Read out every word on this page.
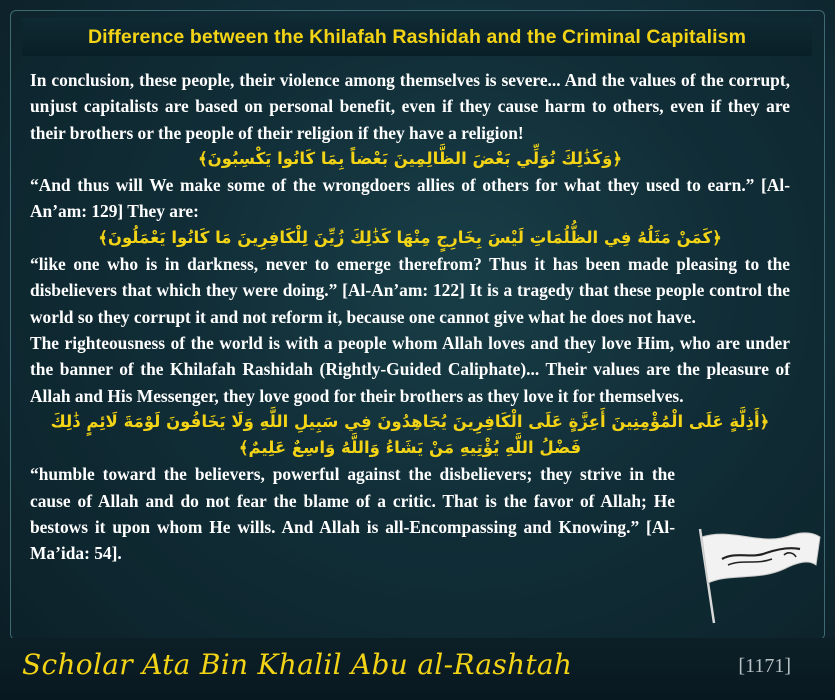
Difference between the Khilafah Rashidah and the Criminal Capitalism

In conclusion, these people, their violence among themselves is severe... And the values of the corrupt, unjust capitalists are based on personal benefit, even if they cause harm to others, even if they are their brothers or the people of their religion if they have a religion!

﴿وَكَذَٰلِكَ نُوَلِّي بَعْضَ الظَّالِمِينَ بَعْضاً بِمَا كَانُوا يَكْسِبُونَ﴾

“And thus will We make some of the wrongdoers allies of others for what they used to earn.” [Al-An’am: 129] They are:

﴿كَمَنْ مَثَلُهُ فِي الظُّلُمَاتِ لَيْسَ بِخَارِجٍ مِنْهَا كَذَٰلِكَ زُيِّنَ لِلْكَافِرِينَ مَا كَانُوا يَعْمَلُونَ﴾

“like one who is in darkness, never to emerge therefrom? Thus it has been made pleasing to the disbelievers that which they were doing.” [Al-An’am: 122] It is a tragedy that these people control the world so they corrupt it and not reform it, because one cannot give what he does not have.

The righteousness of the world is with a people whom Allah loves and they love Him, who are under the banner of the Khilafah Rashidah (Rightly-Guided Caliphate)... Their values are the pleasure of Allah and His Messenger, they love good for their brothers as they love it for themselves.

﴿أَذِلَّةٍ عَلَى الْمُؤْمِنِينَ أَعِزَّةٍ عَلَى الْكَافِرِينَ يُجَاهِدُونَ فِي سَبِيلِ اللَّهِ وَلَا يَخَافُونَ لَوْمَةَ لَائِمٍ ذَٰلِكَ فَضْلُ اللَّهِ يُؤْتِيهِ مَنْ يَشَاءُ وَاللَّهُ وَاسِعٌ عَلِيمٌ﴾

“humble toward the believers, powerful against the disbelievers; they strive in the cause of Allah and do not fear the blame of a critic. That is the favor of Allah; He bestows it upon whom He wills. And Allah is all-Encompassing and Knowing.” [Al-Ma’ida: 54].

Scholar Ata Bin Khalil Abu al-Rashtah	[1171]
